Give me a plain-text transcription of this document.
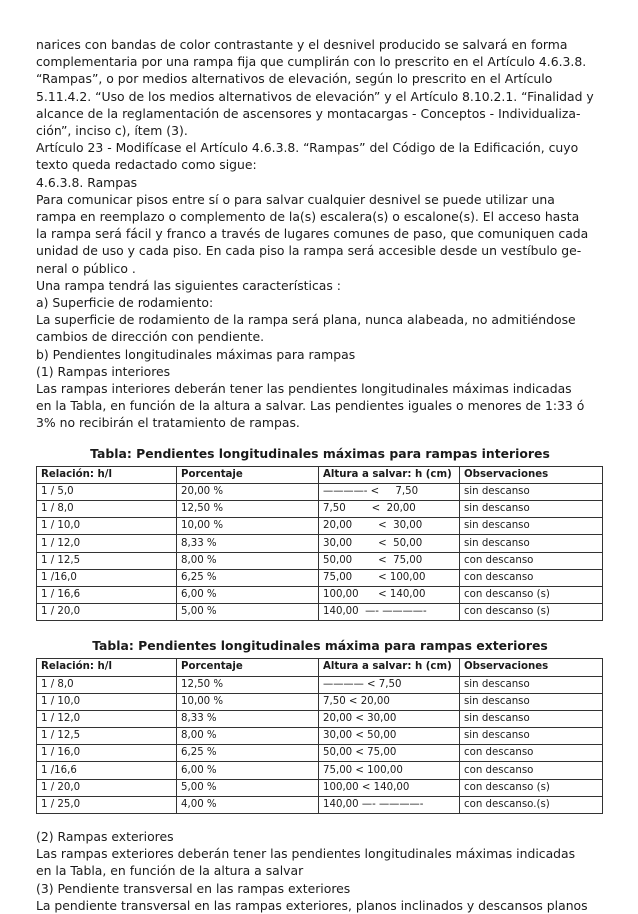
narices con bandas de color contrastante y el desnivel producido se salvará en forma
complementaria por una rampa fija que cumplirán con lo prescrito en el Artículo 4.6.3.8.
“Rampas”, o por medios alternativos de elevación, según lo prescrito en el Artículo
5.11.4.2. “Uso de los medios alternativos de elevación” y el Artículo 8.10.2.1. “Finalidad y
alcance de la reglamentación de ascensores y montacargas - Conceptos - Individualiza-
ción”, inciso c), ítem (3).
Artículo 23 - Modifícase el Artículo 4.6.3.8. “Rampas” del Código de la Edificación, cuyo
texto queda redactado como sigue:
4.6.3.8. Rampas
Para comunicar pisos entre sí o para salvar cualquier desnivel se puede utilizar una
rampa en reemplazo o complemento de la(s) escalera(s) o escalone(s). El acceso hasta
la rampa será fácil y franco a través de lugares comunes de paso, que comuniquen cada
unidad de uso y cada piso. En cada piso la rampa será accesible desde un vestíbulo ge-
neral o público .
Una rampa tendrá las siguientes características :
a) Superficie de rodamiento:
La superficie de rodamiento de la rampa será plana, nunca alabeada, no admitiéndose
cambios de dirección con pendiente.
b) Pendientes longitudinales máximas para rampas
(1) Rampas interiores
Las rampas interiores deberán tener las pendientes longitudinales máximas indicadas
en la Tabla, en función de la altura a salvar. Las pendientes iguales o menores de 1:33 ó
3% no recibirán el tratamiento de rampas.
Tabla: Pendientes longitudinales máximas para rampas interiores
Relación: h/l	Porcentaje	Altura a salvar: h (cm)	Observaciones
1 / 5,0	20,00 %	————- <     7,50	sin descanso
1 / 8,0	12,50 %	7,50        <  20,00	sin descanso
1 / 10,0	10,00 %	20,00        <  30,00	sin descanso
1 / 12,0	8,33 %	30,00        <  50,00	sin descanso
1 / 12,5	8,00 %	50,00        <  75,00	con descanso
1 /16,0	6,25 %	75,00        < 100,00	con descanso
1 / 16,6	6,00 %	100,00      < 140,00	con descanso (s)
1 / 20,0	5,00 %	140,00  —- ————-	con descanso (s)
Tabla: Pendientes longitudinales máxima para rampas exteriores
Relación: h/l	Porcentaje	Altura a salvar: h (cm)	Observaciones
1 / 8,0	12,50 %	———— < 7,50	sin descanso
1 / 10,0	10,00 %	7,50 < 20,00	sin descanso
1 / 12,0	8,33 %	20,00 < 30,00	sin descanso
1 / 12,5	8,00 %	30,00 < 50,00	sin descanso
1 / 16,0	6,25 %	50,00 < 75,00	con descanso
1 /16,6	6,00 %	75,00 < 100,00	con descanso
1 / 20,0	5,00 %	100,00 < 140,00	con descanso (s)
1 / 25,0	4,00 %	140,00 —- ————-	con descanso.(s)
(2) Rampas exteriores
Las rampas exteriores deberán tener las pendientes longitudinales máximas indicadas
en la Tabla, en función de la altura a salvar
(3) Pendiente transversal en las rampas exteriores
La pendiente transversal en las rampas exteriores, planos inclinados y descansos planos
